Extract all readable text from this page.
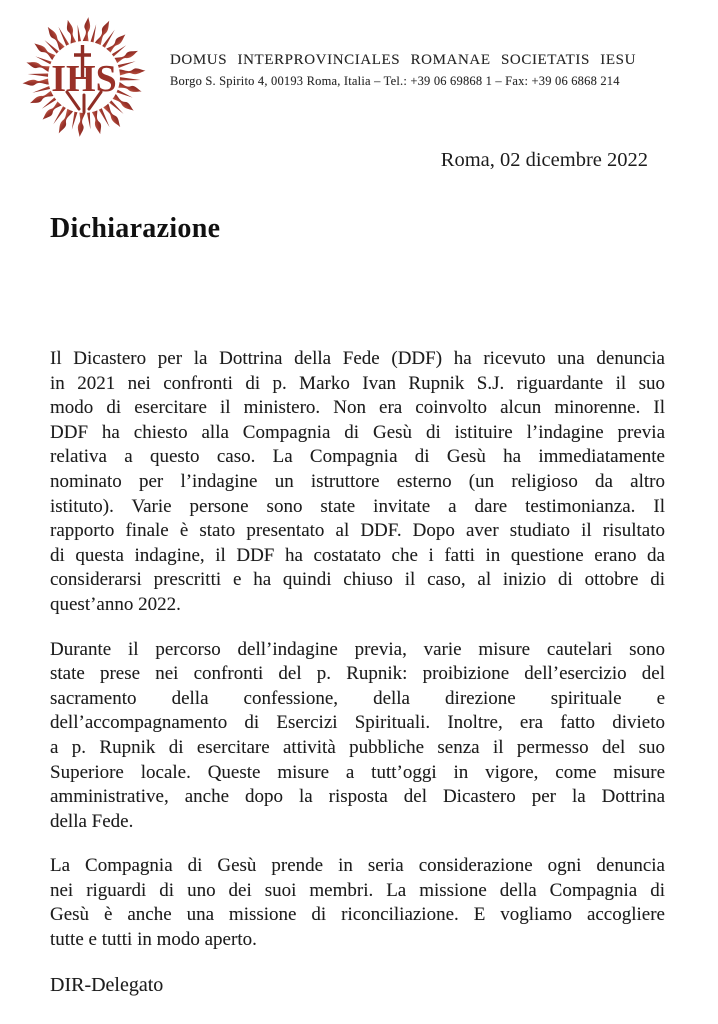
IHS	DOMUS INTERPROVINCIALES ROMANAE SOCIETATIS IESU
Borgo S. Spirito 4, 00193 Roma, Italia – Tel.: +39 06 69868 1 – Fax: +39 06 6868 214
Roma, 02 dicembre 2022
Dichiarazione
Il Dicastero per la Dottrina della Fede (DDF) ha ricevuto una denuncia
in 2021 nei confronti di p. Marko Ivan Rupnik S.J. riguardante il suo
modo di esercitare il ministero. Non era coinvolto alcun minorenne. Il
DDF ha chiesto alla Compagnia di Gesù di istituire l’indagine previa
relativa a questo caso. La Compagnia di Gesù ha immediatamente
nominato per l’indagine un istruttore esterno (un religioso da altro
istituto). Varie persone sono state invitate a dare testimonianza. Il
rapporto finale è stato presentato al DDF. Dopo aver studiato il risultato
di questa indagine, il DDF ha costatato che i fatti in questione erano da
considerarsi prescritti e ha quindi chiuso il caso, al inizio di ottobre di
quest’anno 2022.
Durante il percorso dell’indagine previa, varie misure cautelari sono
state prese nei confronti del p. Rupnik: proibizione dell’esercizio del
sacramento della confessione, della direzione spirituale e
dell’accompagnamento di Esercizi Spirituali. Inoltre, era fatto divieto
a p. Rupnik di esercitare attività pubbliche senza il permesso del suo
Superiore locale. Queste misure a tutt’oggi in vigore, come misure
amministrative, anche dopo la risposta del Dicastero per la Dottrina
della Fede.
La Compagnia di Gesù prende in seria considerazione ogni denuncia
nei riguardi di uno dei suoi membri. La missione della Compagnia di
Gesù è anche una missione di riconciliazione. E vogliamo accogliere
tutte e tutti in modo aperto.
DIR-Delegato
